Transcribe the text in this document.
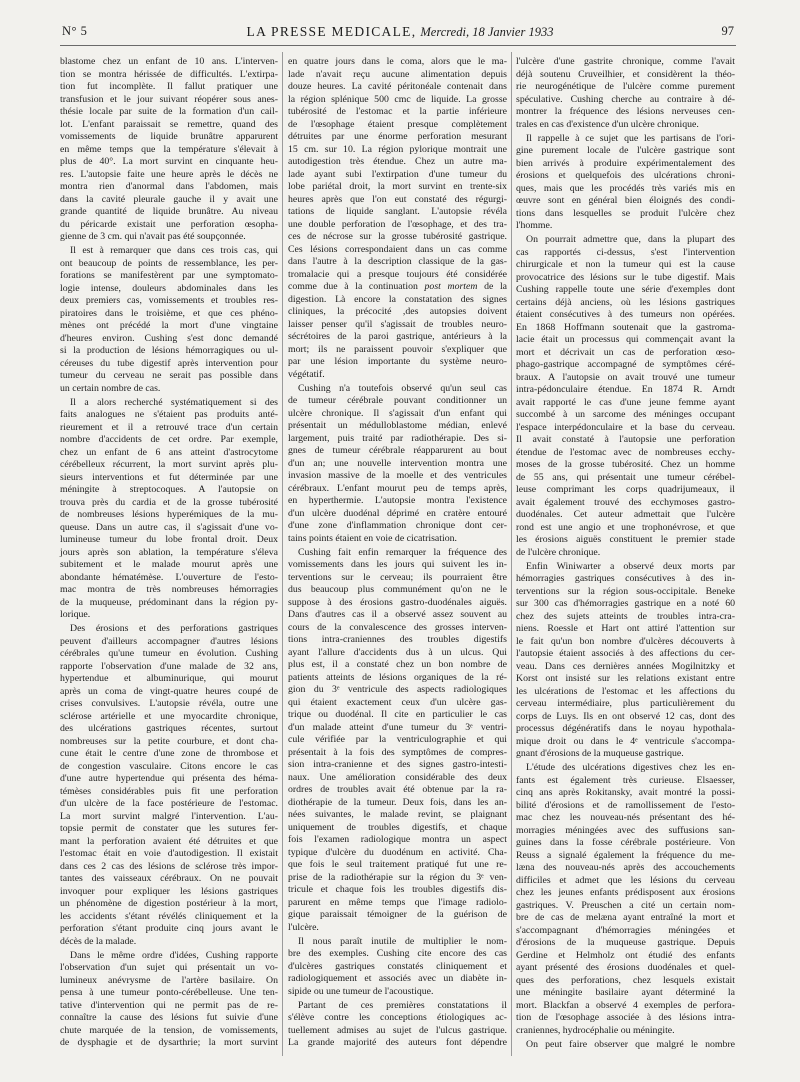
N° 5	LA PRESSE MEDICALE, Mercredi, 18 Janvier 1933	97
blastome chez un enfant de 10 ans. L'interven-
tion se montra hérissée de difficultés. L'extirpa-
tion fut incomplète. Il fallut pratiquer une
transfusion et le jour suivant réopérer sous anes-
thésie locale par suite de la formation d'un cail-
lot. L'enfant paraissait se remettre, quand des
vomissements de liquide brunâtre apparurent
en même temps que la température s'élevait à
plus de 40°. La mort survint en cinquante heu-
res. L'autopsie faite une heure après le décès ne
montra rien d'anormal dans l'abdomen, mais
dans la cavité pleurale gauche il y avait une
grande quantité de liquide brunâtre. Au niveau
du péricarde existait une perforation œsopha-
gienne de 3 cm. qui n'avait pas été soupçonnée.
Il est à remarquer que dans ces trois cas, qui
ont beaucoup de points de ressemblance, les per-
forations se manifestèrent par une symptomato-
logie intense, douleurs abdominales dans les
deux premiers cas, vomissements et troubles res-
piratoires dans le troisième, et que ces phéno-
mènes ont précédé la mort d'une vingtaine
d'heures environ. Cushing s'est donc demandé
si la production de lésions hémorragiques ou ul-
céreuses du tube digestif après intervention pour
tumeur du cerveau ne serait pas possible dans
un certain nombre de cas.
Il a alors recherché systématiquement si des
faits analogues ne s'étaient pas produits anté-
rieurement et il a retrouvé trace d'un certain
nombre d'accidents de cet ordre. Par exemple,
chez un enfant de 6 ans atteint d'astrocytome
cérébelleux récurrent, la mort survint après plu-
sieurs interventions et fut déterminée par une
méningite à streptocoques. A l'autopsie on
trouva près du cardia et de la grosse tubérosité
de nombreuses lésions hyperémiques de la mu-
queuse. Dans un autre cas, il s'agissait d'une vo-
lumineuse tumeur du lobe frontal droit. Deux
jours après son ablation, la température s'éleva
subitement et le malade mourut après une
abondante hématémèse. L'ouverture de l'esto-
mac montra de très nombreuses hémorragies
de la muqueuse, prédominant dans la région py-
lorique.
Des érosions et des perforations gastriques
peuvent d'ailleurs accompagner d'autres lésions
cérébrales qu'une tumeur en évolution. Cushing
rapporte l'observation d'une malade de 32 ans,
hypertendue et albuminurique, qui mourut
après un coma de vingt-quatre heures coupé de
crises convulsives. L'autopsie révéla, outre une
sclérose artérielle et une myocardite chronique,
des ulcérations gastriques récentes, surtout
nombreuses sur la petite courbure, et dont cha-
cune était le centre d'une zone de thrombose et
de congestion vasculaire. Citons encore le cas
d'une autre hypertendue qui présenta des héma-
témèses considérables puis fit une perforation
d'un ulcère de la face postérieure de l'estomac.
La mort survint malgré l'intervention. L'au-
topsie permit de constater que les sutures fer-
mant la perforation avaient été détruites et que
l'estomac était en voie d'autodigestion. Il existait
dans ces 2 cas des lésions de sclérose très impor-
tantes des vaisseaux cérébraux. On ne pouvait
invoquer pour expliquer les lésions gastriques
un phénomène de digestion postérieur à la mort,
les accidents s'étant révélés cliniquement et la
perforation s'étant produite cinq jours avant le
décès de la malade.
Dans le même ordre d'idées, Cushing rapporte
l'observation d'un sujet qui présentait un vo-
lumineux anévrysme de l'artère basilaire. On
pensa à une tumeur ponto-cérébelleuse. Une ten-
tative d'intervention qui ne permit pas de re-
connaître la cause des lésions fut suivie d'une
chute marquée de la tension, de vomissements,
de dysphagie et de dysarthrie; la mort survint
en quatre jours dans le coma, alors que le ma-
lade n'avait reçu aucune alimentation depuis
douze heures. La cavité péritonéale contenait dans
la région splénique 500 cmc de liquide. La grosse
tubérosité de l'estomac et la partie inférieure
de l'œsophage étaient presque complètement
détruites par une énorme perforation mesurant
15 cm. sur 10. La région pylorique montrait une
autodigestion très étendue. Chez un autre ma-
lade ayant subi l'extirpation d'une tumeur du
lobe pariétal droit, la mort survint en trente-six
heures après que l'on eut constaté des régurgi-
tations de liquide sanglant. L'autopsie révéla
une double perforation de l'œsophage, et des tra-
ces de nécrose sur la grosse tubérosité gastrique.
Ces lésions correspondaient dans un cas comme
dans l'autre à la description classique de la gas-
tromalacie qui a presque toujours été considérée
comme due à la continuation post mortem de la
digestion. Là encore la constatation des signes
cliniques, la précocité ,des autopsies doivent
laisser penser qu'il s'agissait de troubles neuro-
sécrétoires de la paroi gastrique, antérieurs à la
mort; ils ne paraissent pouvoir s'expliquer que
par une lésion importante du système neuro-
végétatif.
Cushing n'a toutefois observé qu'un seul cas
de tumeur cérébrale pouvant conditionner un
ulcère chronique. Il s'agissait d'un enfant qui
présentait un médulloblastome médian, enlevé
largement, puis traité par radiothérapie. Des si-
gnes de tumeur cérébrale réapparurent au bout
d'un an; une nouvelle intervention montra une
invasion massive de la moelle et des ventricules
cérébraux. L'enfant mourut peu de temps après,
en hyperthermie. L'autopsie montra l'existence
d'un ulcère duodénal déprimé en cratère entouré
d'une zone d'inflammation chronique dont cer-
tains points étaient en voie de cicatrisation.
Cushing fait enfin remarquer la fréquence des
vomissements dans les jours qui suivent les in-
terventions sur le cerveau; ils pourraient être
dus beaucoup plus communément qu'on ne le
suppose à des érosions gastro-duodénales aiguës.
Dans d'autres cas il a observé assez souvent au
cours de la convalescence des grosses interven-
tions intra-craniennes des troubles digestifs
ayant l'allure d'accidents dus à un ulcus. Qui
plus est, il a constaté chez un bon nombre de
patients atteints de lésions organiques de la ré-
gion du 3ᵉ ventricule des aspects radiologiques
qui étaient exactement ceux d'un ulcère gas-
trique ou duodénal. Il cite en particulier le cas
d'un malade atteint d'une tumeur du 3ᵉ ventri-
cule vérifiée par la ventriculographie et qui
présentait à la fois des symptômes de compres-
sion intra-cranienne et des signes gastro-intesti-
naux. Une amélioration considérable des deux
ordres de troubles avait été obtenue par la ra-
diothérapie de la tumeur. Deux fois, dans les an-
nées suivantes, le malade revint, se plaignant
uniquement de troubles digestifs, et chaque
fois l'examen radiologique montra un aspect
typique d'ulcère du duodénum en activité. Cha-
que fois le seul traitement pratiqué fut une re-
prise de la radiothérapie sur la région du 3ᵉ ven-
tricule et chaque fois les troubles digestifs dis-
parurent en même temps que l'image radiolo-
gique paraissait témoigner de la guérison de
l'ulcère.
Il nous paraît inutile de multiplier le nom-
bre des exemples. Cushing cite encore des cas
d'ulcères gastriques constatés cliniquement et
radiologiquement et associés avec un diabète in-
sipide ou une tumeur de l'acoustique.
Partant de ces premières constatations il
s'élève contre les conceptions étiologiques ac-
tuellement admises au sujet de l'ulcus gastrique.
La grande majorité des auteurs font dépendre
l'ulcère d'une gastrite chronique, comme l'avait
déjà soutenu Cruveilhier, et considèrent la théo-
rie neurogénétique de l'ulcère comme purement
spéculative. Cushing cherche au contraire à dé-
montrer la fréquence des lésions nerveuses cen-
trales en cas d'existence d'un ulcère chronique.
Il rappelle à ce sujet que les partisans de l'ori-
gine purement locale de l'ulcère gastrique sont
bien arrivés à produire expérimentalement des
érosions et quelquefois des ulcérations chroni-
ques, mais que les procédés très variés mis en
œuvre sont en général bien éloignés des condi-
tions dans lesquelles se produit l'ulcère chez
l'homme.
On pourrait admettre que, dans la plupart des
cas rapportés ci-dessus, s'est l'intervention
chirurgicale et non la tumeur qui est la cause
provocatrice des lésions sur le tube digestif. Mais
Cushing rappelle toute une série d'exemples dont
certains déjà anciens, où les lésions gastriques
étaient consécutives à des tumeurs non opérées.
En 1868 Hoffmann soutenait que la gastroma-
lacie était un processus qui commençait avant la
mort et décrivait un cas de perforation œso-
phago-gastrique accompagné de symptômes céré-
braux. A l'autopsie on avait trouvé une tumeur
intra-pédonculaire étendue. En 1874 R. Arndt
avait rapporté le cas d'une jeune femme ayant
succombé à un sarcome des méninges occupant
l'espace interpédonculaire et la base du cerveau.
Il avait constaté à l'autopsie une perforation
étendue de l'estomac avec de nombreuses ecchy-
moses de la grosse tubérosité. Chez un homme
de 55 ans, qui présentait une tumeur cérébel-
leuse comprimant les corps quadrijumeaux, il
avait également trouvé des ecchymoses gastro-
duodénales. Cet auteur admettait que l'ulcère
rond est une angio et une trophonévrose, et que
les érosions aiguës constituent le premier stade
de l'ulcère chronique.
Enfin Winiwarter a observé deux morts par
hémorragies gastriques consécutives à des in-
terventions sur la région sous-occipitale. Beneke
sur 300 cas d'hémorragies gastrique en a noté 60
chez des sujets atteints de troubles intra-cra-
niens. Roessle et Hart ont attiré l'attention sur
le fait qu'un bon nombre d'ulcères découverts à
l'autopsie étaient associés à des affections du cer-
veau. Dans ces dernières années Mogilnitzky et
Korst ont insisté sur les relations existant entre
les ulcérations de l'estomac et les affections du
cerveau intermédiaire, plus particulièrement du
corps de Luys. Ils en ont observé 12 cas, dont des
processus dégénératifs dans le noyau hypothala-
mique droit ou dans le 4ᵉ ventricule s'accompa-
gnant d'érosions de la muqueuse gastrique.
L'étude des ulcérations digestives chez les en-
fants est également très curieuse. Elsaesser,
cinq ans après Rokitansky, avait montré la possi-
bilité d'érosions et de ramollissement de l'esto-
mac chez les nouveau-nés présentant des hé-
morragies méningées avec des suffusions san-
guines dans la fosse cérébrale postérieure. Von
Reuss a signalé également la fréquence du me-
læna des nouveau-nés après des accouchements
difficiles et admet que les lésions du cerveau
chez les jeunes enfants prédisposent aux érosions
gastriques. V. Preuschen a cité un certain nom-
bre de cas de melæna ayant entraîné la mort et
s'accompagnant d'hémorragies méningées et
d'érosions de la muqueuse gastrique. Depuis
Gerdine et Helmholz ont étudié des enfants
ayant présenté des érosions duodénales et quel-
ques des perforations, chez lesquels existait
une méningite basilaire ayant déterminé la
mort. Blackfan a observé 4 exemples de perfora-
tion de l'œsophage associée à des lésions intra-
craniennes, hydrocéphalie ou méningite.
On peut faire observer que malgré le nombre
